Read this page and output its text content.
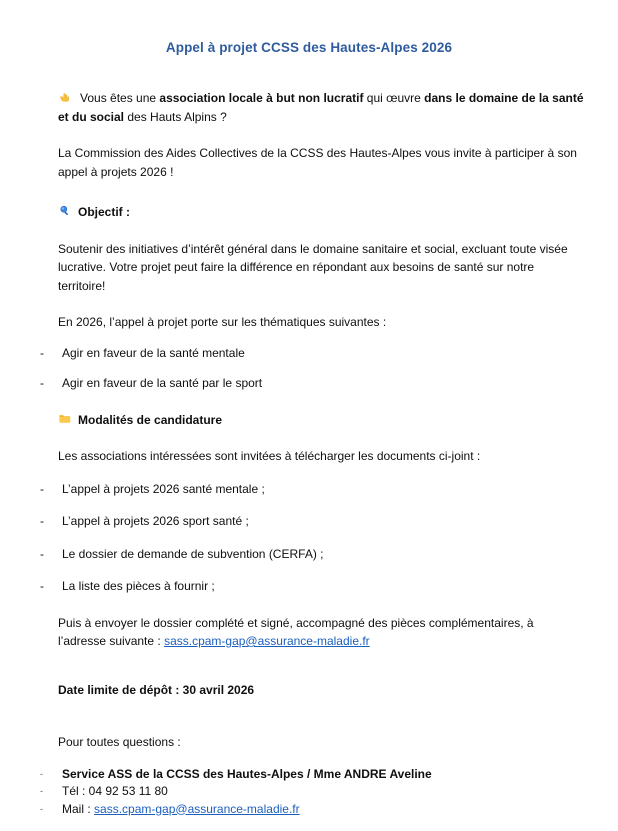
Appel à projet CCSS des Hautes-Alpes 2026

Vous êtes une association locale à but non lucratif qui œuvre dans le domaine de la santé et du social des Hauts Alpins ?

La Commission des Aides Collectives de la CCSS des Hautes-Alpes vous invite à participer à son appel à projets 2026 !

Objectif :

Soutenir des initiatives d’intérêt général dans le domaine sanitaire et social, excluant toute visée lucrative. Votre projet peut faire la différence en répondant aux besoins de santé sur notre territoire!

En 2026, l’appel à projet porte sur les thématiques suivantes :

-	Agir en faveur de la santé mentale
-	Agir en faveur de la santé par le sport

Modalités de candidature

Les associations intéressées sont invitées à télécharger les documents ci-joint :

-	L’appel à projets 2026 santé mentale ;
-	L’appel à projets 2026 sport santé ;
-	Le dossier de demande de subvention (CERFA) ;
-	La liste des pièces à fournir ;

Puis à envoyer le dossier complété et signé, accompagné des pièces complémentaires, à l’adresse suivante : sass.cpam-gap@assurance-maladie.fr

Date limite de dépôt : 30 avril 2026

Pour toutes questions :

-	Service ASS de la CCSS des Hautes-Alpes / Mme ANDRE Aveline
-	Tél : 04 92 53 11 80
-	Mail : sass.cpam-gap@assurance-maladie.fr
